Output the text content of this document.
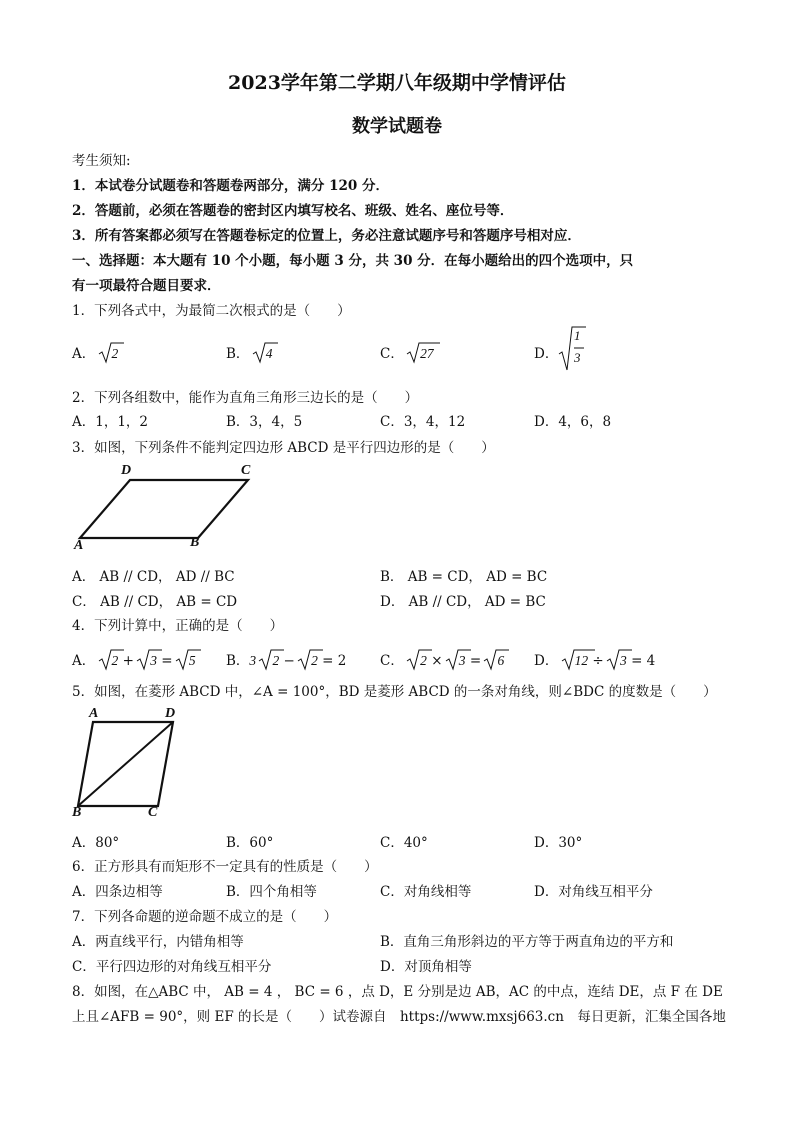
2023学年第二学期八年级期中学情评估
数学试题卷
考生须知:
1．本试卷分试题卷和答题卷两部分，满分 120 分．
2．答题前，必须在答题卷的密封区内填写校名、班级、姓名、座位号等．
3．所有答案都必须写在答题卷标定的位置上，务必注意试题序号和答题序号相对应．
一、选择题：本大题有 10 个小题，每小题 3 分，共 30 分．在每小题给出的四个选项中，只
有一项最符合题目要求．
1．下列各式中，为最简二次根式的是（　　）
A． 2	B． 4	C． 27	D．
1
3
2．下列各组数中，能作为直角三角形三边长的是（　　）
A．1，1，2	B．3，4，5	C．3，4，12	D．4，6，8
3．如图，下列条件不能判定四边形 ABCD 是平行四边形的是（　　）
D	C
A	B
A． AB // CD， AD // BC	B． AB = CD， AD = BC
C． AB // CD， AB = CD	D． AB // CD， AD = BC
4．下列计算中，正确的是（　　）
A． 2 + 3 = 5 B．3 2 − 2 = 2 C． 2 × 3 = 6 D． 12 ÷ 3 = 4
5．如图，在菱形 ABCD 中，∠A = 100°，BD 是菱形 ABCD 的一条对角线，则∠BDC 的度数是（　　）
A	D
B	C
A．80°	B．60°	C．40°	D．30°
6．正方形具有而矩形不一定具有的性质是（　　）
A．四条边相等	B．四个角相等	C．对角线相等	D．对角线互相平分
7．下列各命题的逆命题不成立的是（　　）
A．两直线平行，内错角相等	B．直角三角形斜边的平方等于两直角边的平方和
C．平行四边形的对角线互相平分	D．对顶角相等
8．如图，在△ABC 中， AB = 4 ， BC = 6 ，点 D，E 分别是边 AB，AC 的中点，连结 DE，点 F 在 DE
上且∠AFB = 90°，则 EF 的长是（　　）试卷源自　https://www.mxsj663.cn　每日更新，汇集全国各地
